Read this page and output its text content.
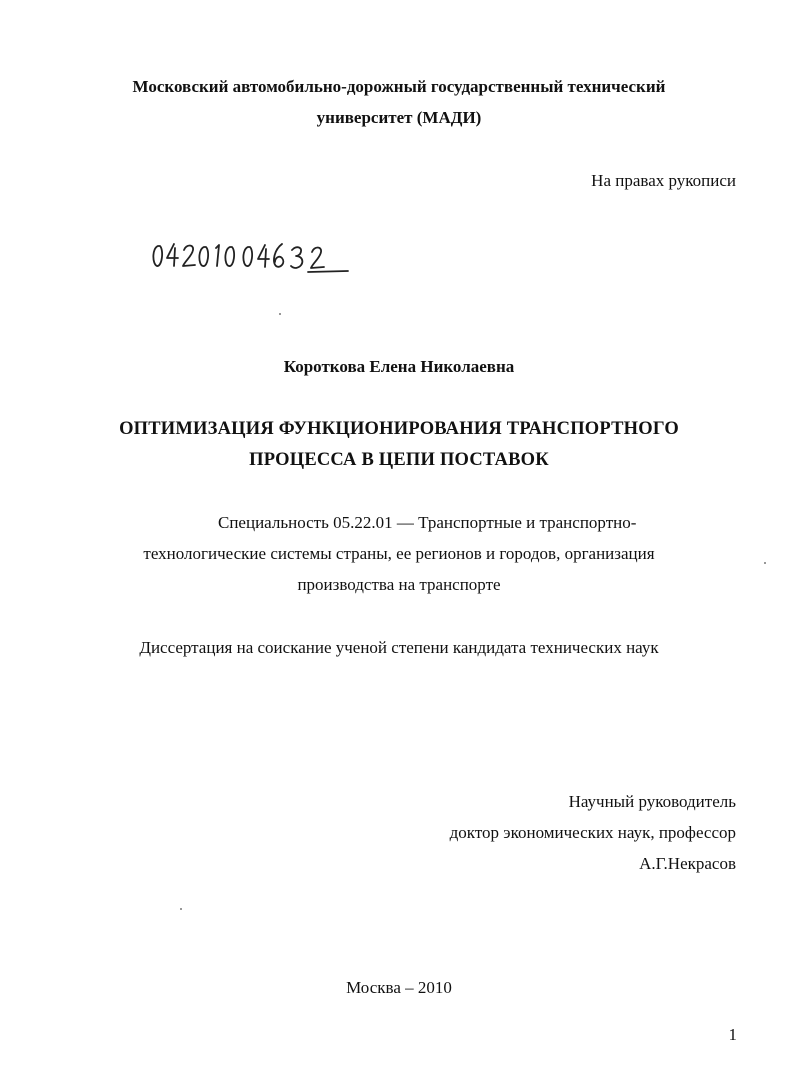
Московский автомобильно-дорожный государственный технический
университет (МАДИ)
На правах рукописи
Короткова Елена Николаевна
ОПТИМИЗАЦИЯ ФУНКЦИОНИРОВАНИЯ ТРАНСПОРТНОГО
ПРОЦЕССА В ЦЕПИ ПОСТАВОК
Специальность 05.22.01 — Транспортные и транспортно-
технологические системы страны, ее регионов и городов, организация
производства на транспорте
Диссертация на соискание ученой степени кандидата технических наук
Научный руководитель
доктор экономических наук, профессор
А.Г.Некрасов
Москва – 2010
1
